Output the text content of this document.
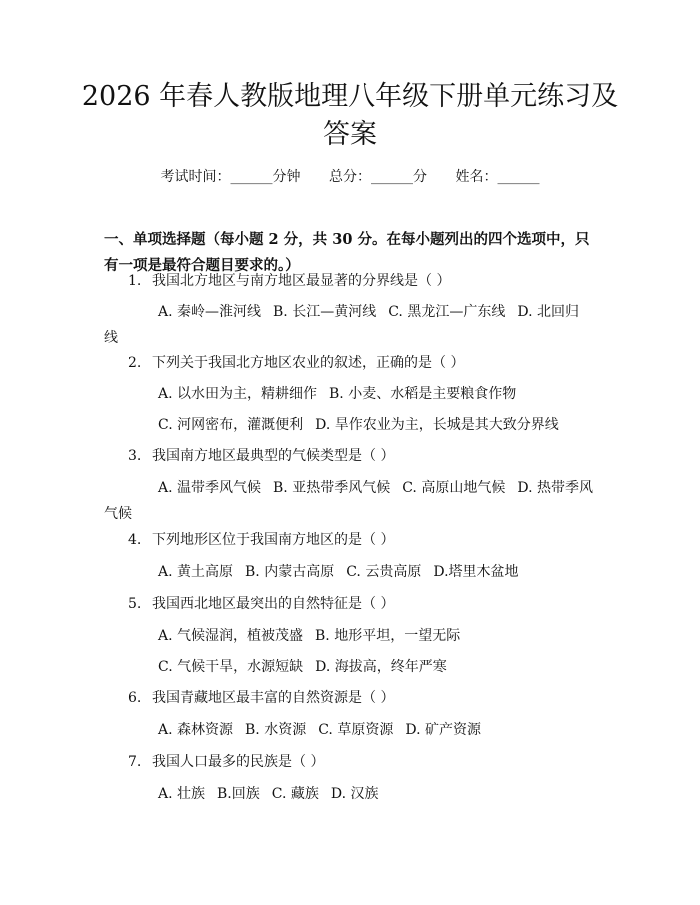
2026 年春人教版地理八年级下册单元练习及
答案
考试时间：______分钟 总分：______分 姓名：______

一、单项选择题（每小题 2 分，共 30 分。在每小题列出的四个选项中，只有一项是最符合题目要求的。）

1. 我国北方地区与南方地区最显著的分界线是（ ）
A. 秦岭—淮河线 B. 长江—黄河线 C. 黑龙江—广东线 D. 北回归线
2. 下列关于我国北方地区农业的叙述，正确的是（ ）
A. 以水田为主，精耕细作 B. 小麦、水稻是主要粮食作物
C. 河网密布，灌溉便利 D. 旱作农业为主，长城是其大致分界线
3. 我国南方地区最典型的气候类型是（ ）
A. 温带季风气候 B. 亚热带季风气候 C. 高原山地气候 D. 热带季风气候
4. 下列地形区位于我国南方地区的是（ ）
A. 黄土高原 B. 内蒙古高原 C. 云贵高原 D.塔里木盆地
5. 我国西北地区最突出的自然特征是（ ）
A. 气候湿润，植被茂盛 B. 地形平坦，一望无际
C. 气候干旱，水源短缺 D. 海拔高，终年严寒
6. 我国青藏地区最丰富的自然资源是（ ）
A. 森林资源 B. 水资源 C. 草原资源 D. 矿产资源
7. 我国人口最多的民族是（ ）
A. 壮族 B.回族 C. 藏族 D. 汉族
